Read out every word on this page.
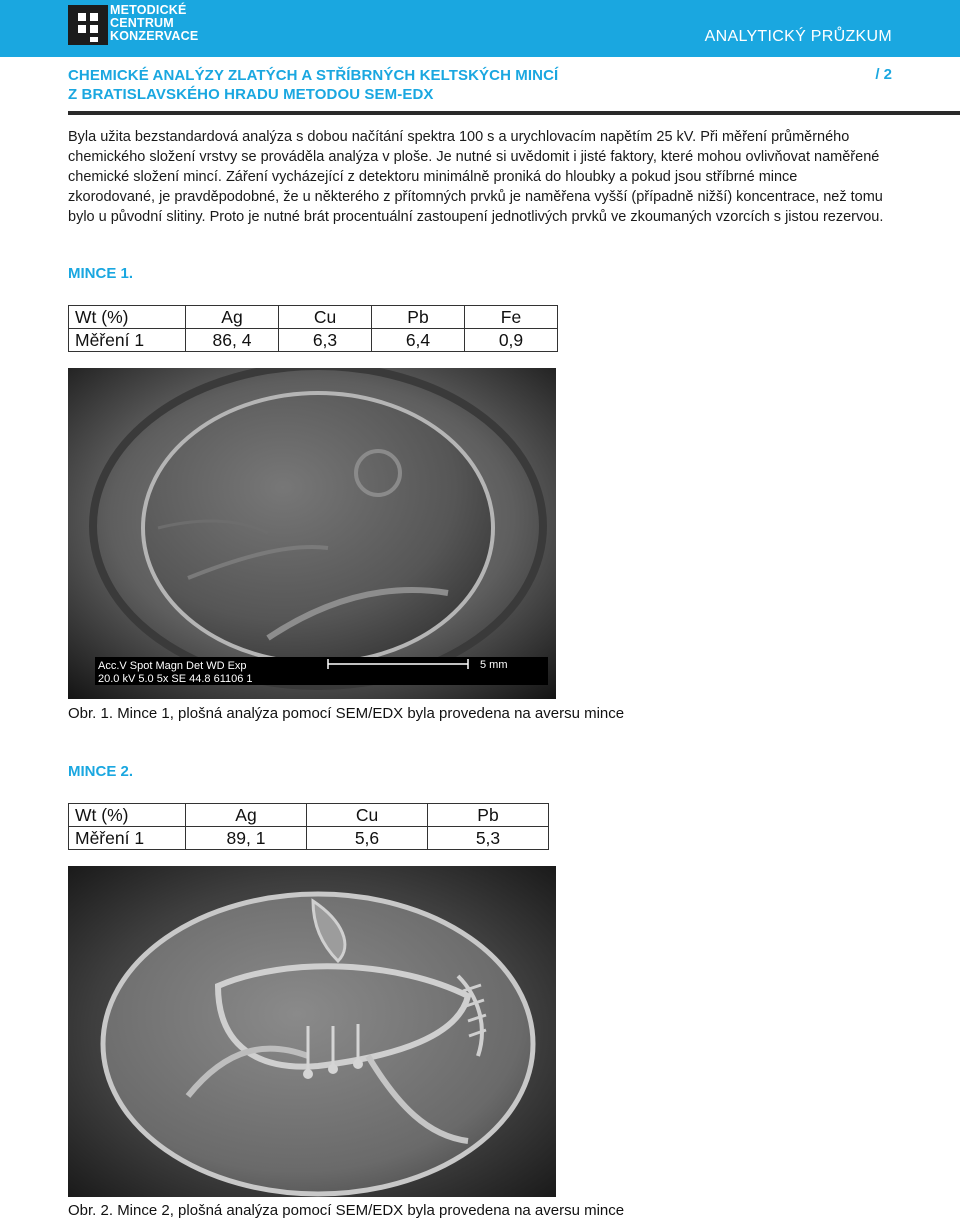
METODICKÉ
CENTRUM
KONZERVACE	ANALYTICKÝ PRŮZKUM
CHEMICKÉ ANALÝZY ZLATÝCH A STŘÍBRNÝCH KELTSKÝCH MINCÍ
Z BRATISLAVSKÉHO HRADU METODOU SEM-EDX
/ 2

Byla užita bezstandardová analýza s dobou načítání spektra 100 s a urychlovacím napětím 25 kV. Při měření průměrného chemického složení vrstvy se prováděla analýza v ploše. Je nutné si uvědomit i jisté faktory, které mohou ovlivňovat naměřené chemické složení mincí. Záření vycházející z detektoru minimálně proniká do hloubky a pokud jsou stříbrné mince zkorodované, je pravděpodobné, že u některého z přítomných prvků je naměřena vyšší (případně nižší) koncentrace, než tomu bylo u původní slitiny. Proto je nutné brát procentuální zastoupení jednotlivých prvků ve zkoumaných vzorcích s jistou rezervou.

MINCE 1.
Wt (%)	Ag	Cu	Pb	Fe
Měření 1	86, 4	6,3	6,4	0,9
Acc.V Spot Magn Det WD Exp
20.0 kV 5.0 5x SE 44.8 61106 1
5 mm
Obr. 1. Mince 1, plošná analýza pomocí SEM/EDX byla provedena na aversu mince
MINCE 2.
Wt (%)	Ag	Cu	Pb
Měření 1	89, 1	5,6	5,3
Obr. 2. Mince 2, plošná analýza pomocí SEM/EDX byla provedena na aversu mince
